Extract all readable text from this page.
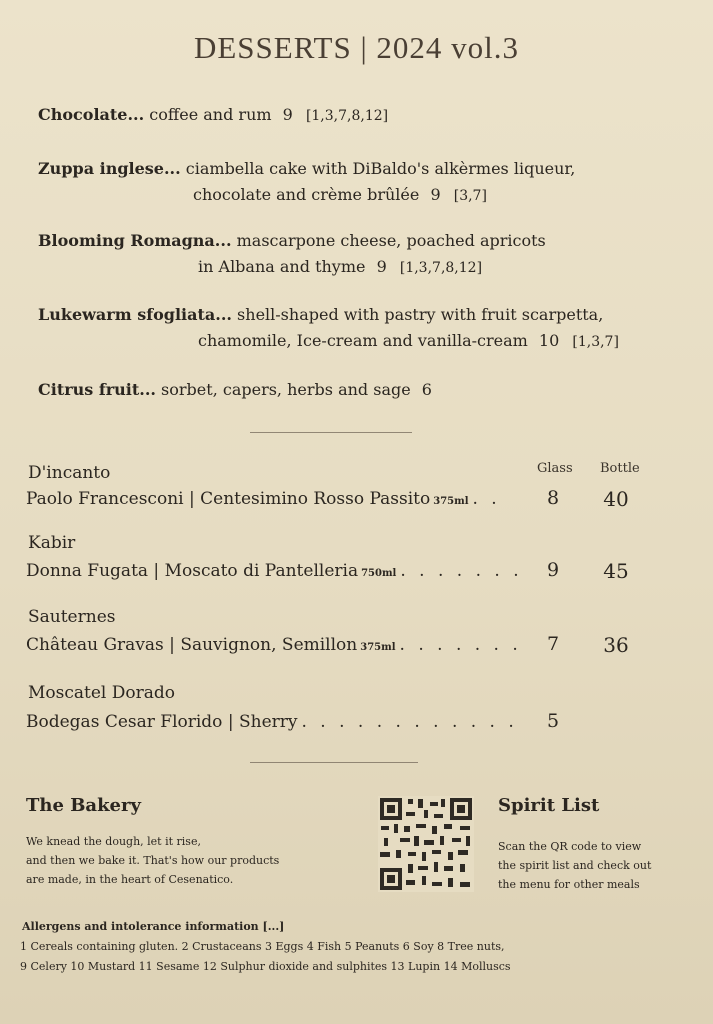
DESSERTS | 2024 vol.3
Chocolate... coffee and rum 9 [1,3,7,8,12]
Zuppa inglese... ciambella cake with DiBaldo's alkèrmes liqueur,
chocolate and crème brûlée 9 [3,7]
Blooming Romagna... mascarpone cheese, poached apricots
in Albana and thyme 9 [1,3,7,8,12]
Lukewarm sfogliata... shell-shaped with pastry with fruit scarpetta,
chamomile, Ice-cream and vanilla-cream 10 [1,3,7]
Citrus fruit... sorbet, capers, herbs and sage 6
Glass Bottle
D'incanto
Paolo Francesconi | Centesimino Rosso Passito 375ml . .	8	40
Kabir
Donna Fugata | Moscato di Pantelleria 750ml . . . . . . .	9	45
Sauternes
Château Gravas | Sauvignon, Semillon 375ml . . . . . . .	7	36
Moscatel Dorado
Bodegas Cesar Florido | Sherry . . . . . . . . . . . .	5
The Bakery
We knead the dough, let it rise,
and then we bake it. That's how our products
are made, in the heart of Cesenatico.
Spirit List
Scan the QR code to view
the spirit list and check out
the menu for other meals
Allergens and intolerance information [...]
1 Cereals containing gluten. 2 Crustaceans 3 Eggs 4 Fish 5 Peanuts 6 Soy 8 Tree nuts,
9 Celery 10 Mustard 11 Sesame 12 Sulphur dioxide and sulphites 13 Lupin 14 Molluscs
